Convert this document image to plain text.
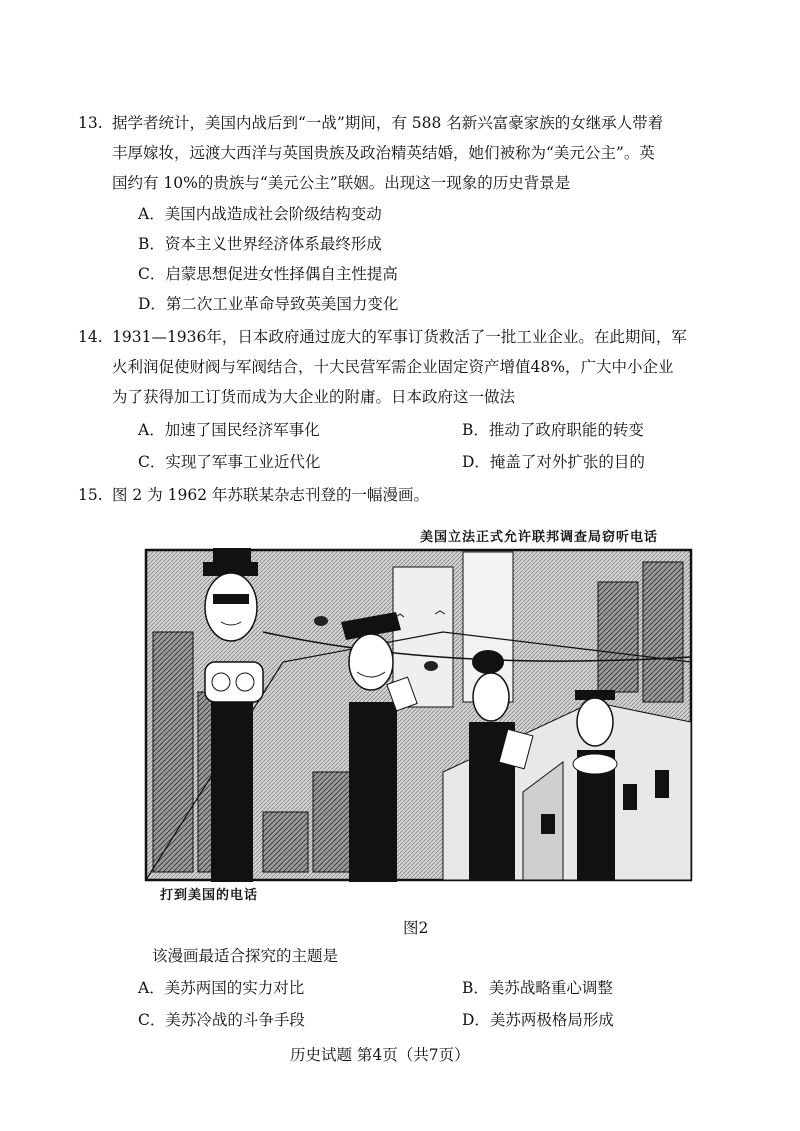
13. 据学者统计，美国内战后到“一战”期间，有 588 名新兴富豪家族的女继承人带着
丰厚嫁妆，远渡大西洋与英国贵族及政治精英结婚，她们被称为“美元公主”。英
国约有 10%的贵族与“美元公主”联姻。出现这一现象的历史背景是
A．美国内战造成社会阶级结构变动
B．资本主义世界经济体系最终形成
C．启蒙思想促进女性择偶自主性提高
D．第二次工业革命导致英美国力变化
14. 1931—1936年，日本政府通过庞大的军事订货救活了一批工业企业。在此期间，军
火利润促使财阀与军阀结合，十大民营军需企业固定资产增值48%，广大中小企业
为了获得加工订货而成为大企业的附庸。日本政府这一做法
A．加速了国民经济军事化	B．推动了政府职能的转变
C．实现了军事工业近代化	D．掩盖了对外扩张的目的
15. 图 2 为 1962 年苏联某杂志刊登的一幅漫画。
美国立法正式允许联邦调查局窃听电话
打到美国的电话
图2
该漫画最适合探究的主题是
A．美苏两国的实力对比	B．美苏战略重心调整
C．美苏冷战的斗争手段	D．美苏两极格局形成
历史试题 第4页（共7页）
